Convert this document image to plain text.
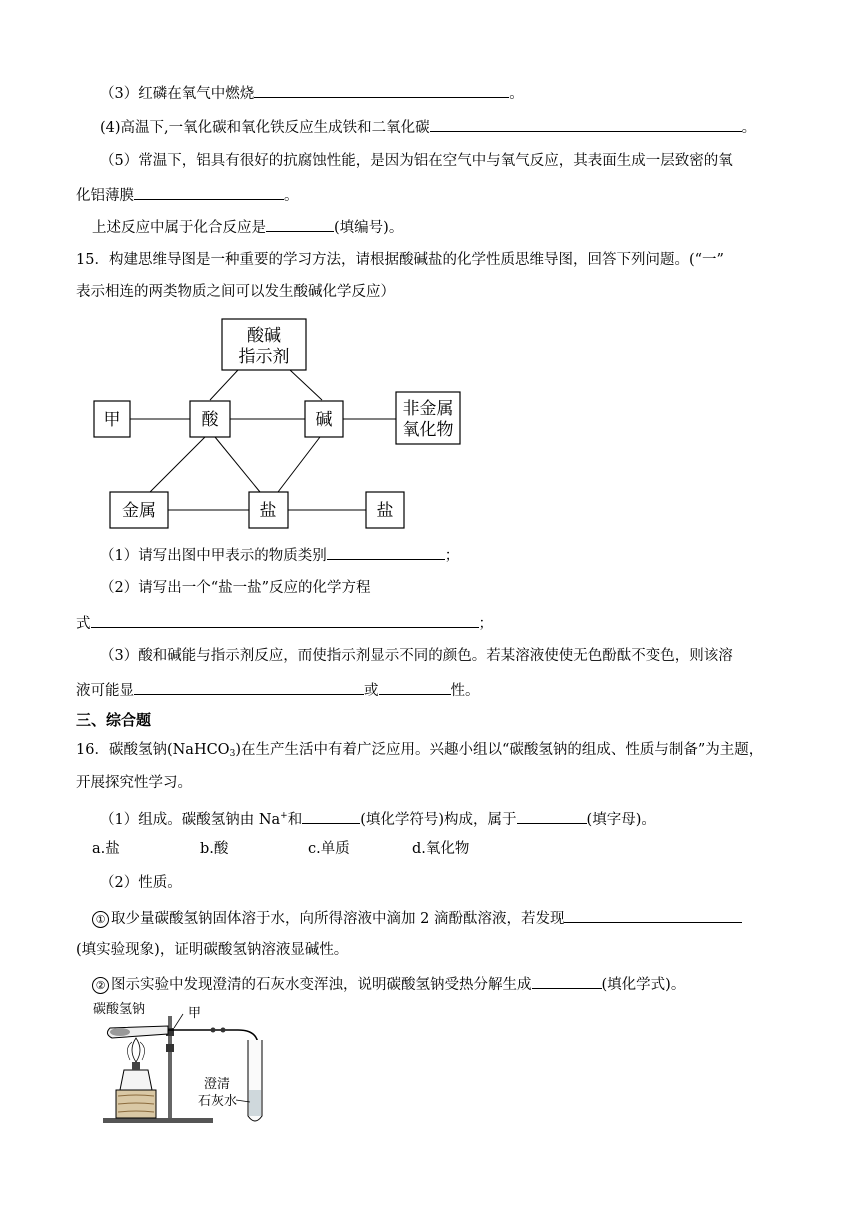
（3）红磷在氧气中燃烧	。
(4)高温下,一氧化碳和氧化铁反应生成铁和二氧化碳	。
（5）常温下，铝具有很好的抗腐蚀性能，是因为铝在空气中与氧气反应，其表面生成一层致密的氧
化铝薄膜	。
上述反应中属于化合反应是	(填编号)。
15．构建思维导图是一种重要的学习方法，请根据酸碱盐的化学性质思维导图，回答下列问题。(“一”
表示相连的两类物质之间可以发生酸碱化学反应）
酸碱
指示剂
甲	酸	碱
非金属
氧化物
金属	盐	盐
（1）请写出图中甲表示的物质类别	；
（2）请写出一个“盐一盐”反应的化学方程
式	；
（3）酸和碱能与指示剂反应，而使指示剂显示不同的颜色。若某溶液使使无色酚酞不变色，则该溶
液可能显	或	性。
三、综合题
16．碳酸氢钠(NaHCO$_3$)在生产生活中有着广泛应用。兴趣小组以“碳酸氢钠的组成、性质与制备”为主题，
开展探究性学习。
（1）组成。碳酸氢钠由 Na+和	(填化学符号)构成，属于	(填字母)。
a.盐	b.酸	c.单质	d.氧化物
（2）性质。
① 取少量碳酸氢钠固体溶于水，向所得溶液中滴加 2 滴酚酞溶液，若发现
(填实验现象)，证明碳酸氢钠溶液显碱性。
② 图示实验中发现澄清的石灰水变浑浊，说明碳酸氢钠受热分解生成	(填化学式)。
碳酸氢钠	甲
澄清
石灰水
